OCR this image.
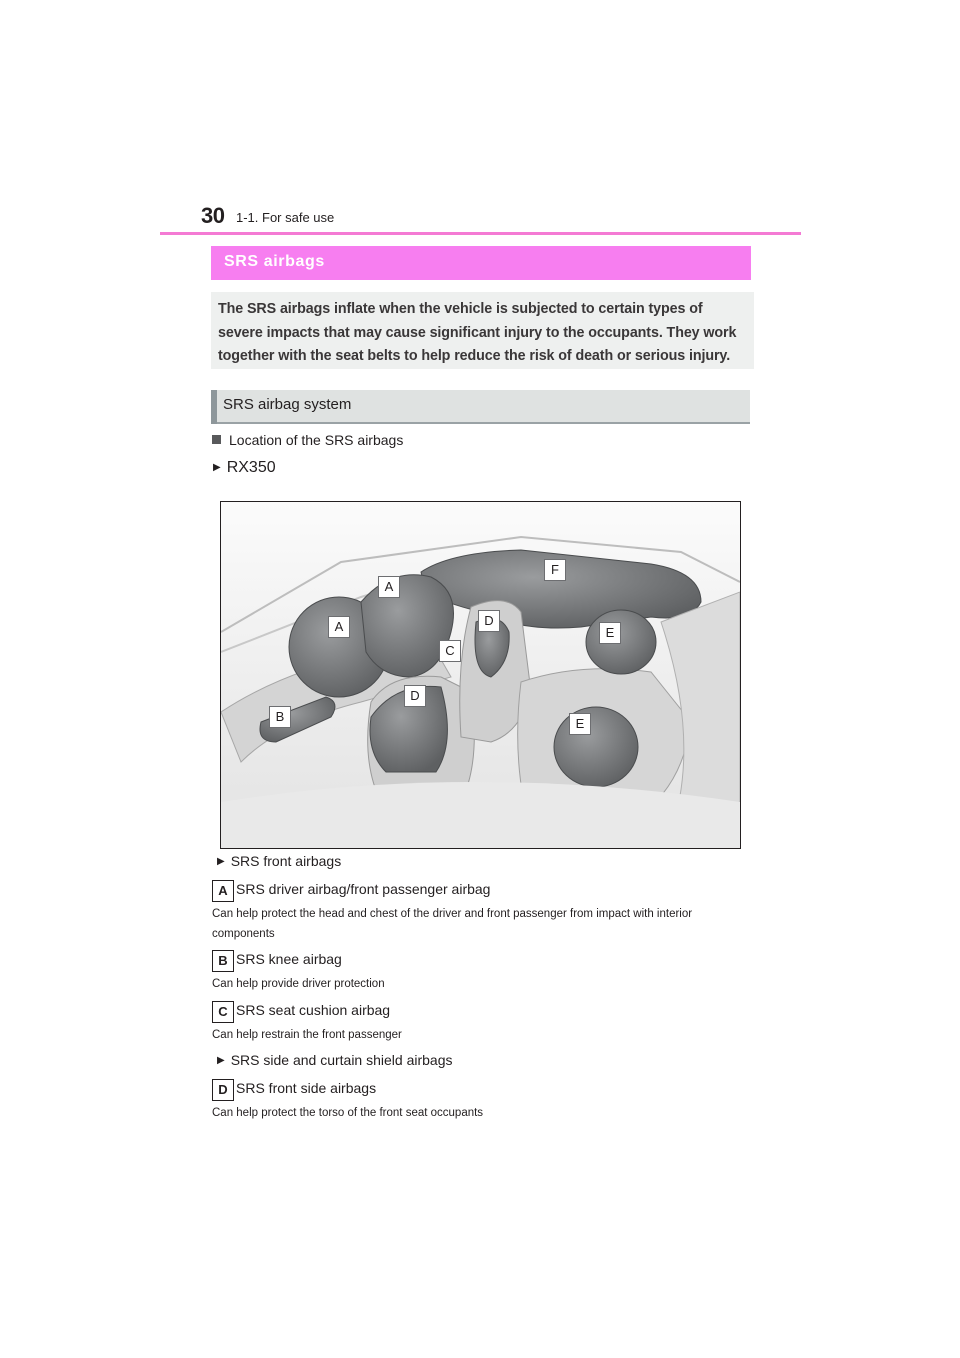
30 1-1. For safe use
SRS airbags

The SRS airbags inflate when the vehicle is subjected to certain types of severe impacts that may cause significant injury to the occupants. They work together with the seat belts to help reduce the risk of death or serious injury.

SRS airbag system
Location of the SRS airbags
▶ RX350
A
A
B
C
D
D
E
E
F
▶ SRS front airbags
A SRS driver airbag/front passenger airbag
Can help protect the head and chest of the driver and front passenger from impact with interior components
B SRS knee airbag
Can help provide driver protection
C SRS seat cushion airbag
Can help restrain the front passenger
▶ SRS side and curtain shield airbags
D SRS front side airbags
Can help protect the torso of the front seat occupants
